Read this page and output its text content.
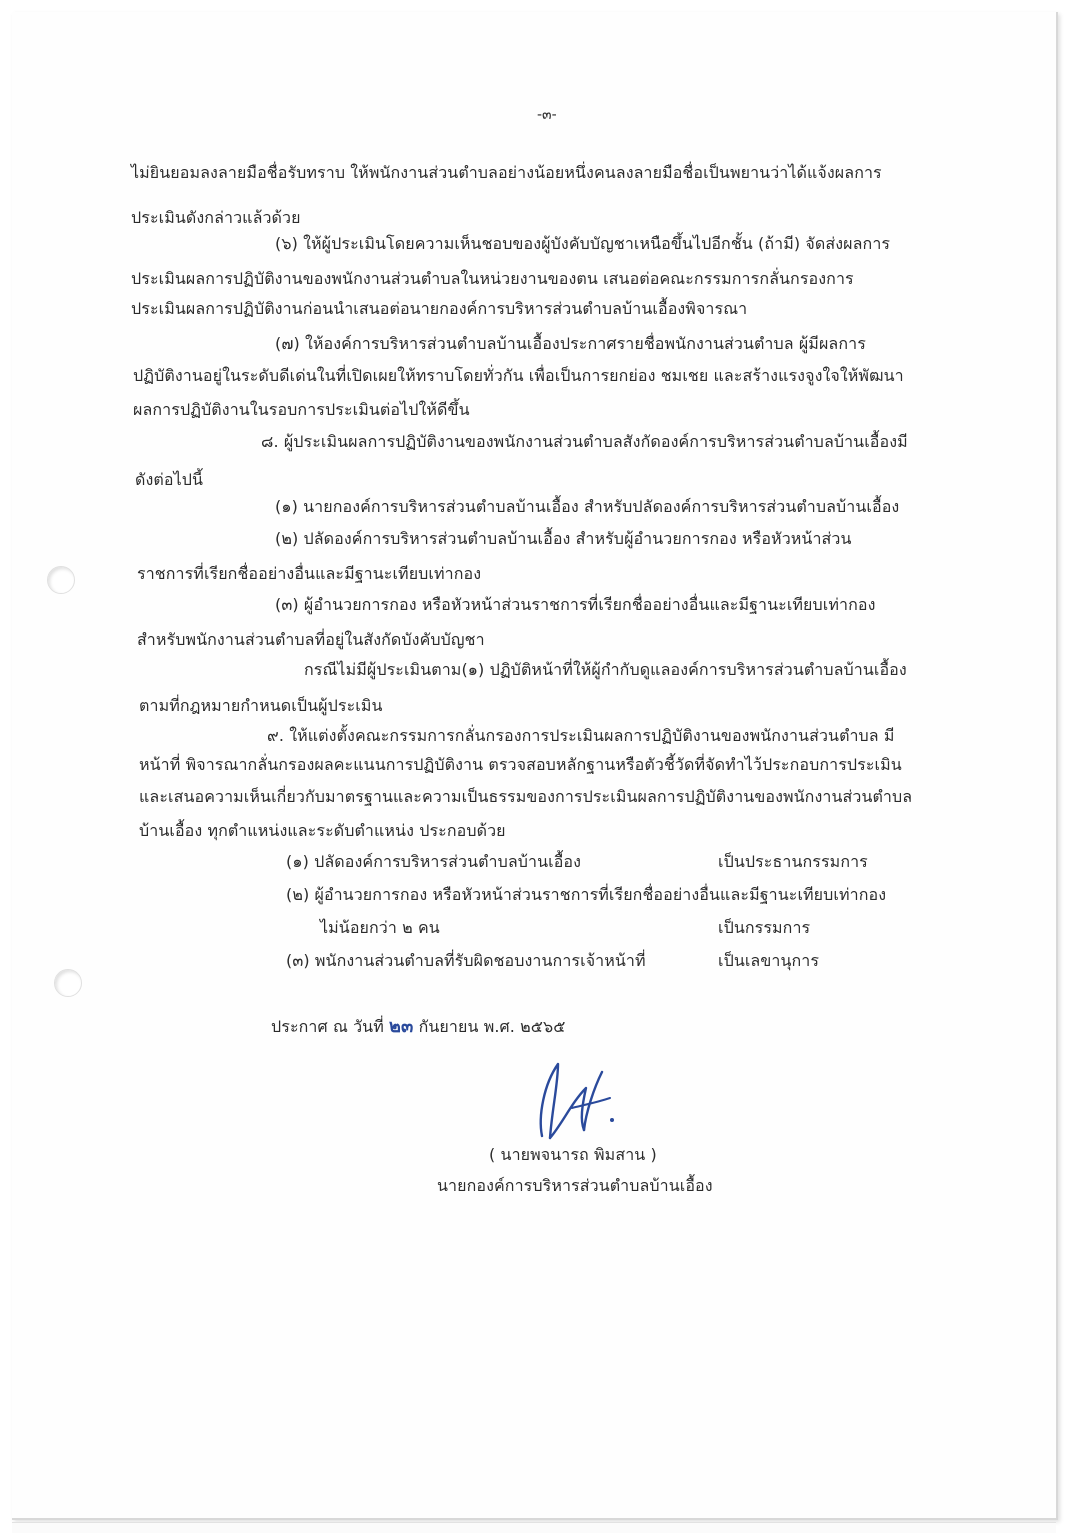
-๓-
ไม่ยินยอมลงลายมือชื่อรับทราบ ให้พนักงานส่วนตำบลอย่างน้อยหนึ่งคนลงลายมือชื่อเป็นพยานว่าได้แจ้งผลการ
ประเมินดังกล่าวแล้วด้วย
(๖) ให้ผู้ประเมินโดยความเห็นชอบของผู้บังคับบัญชาเหนือขึ้นไปอีกชั้น (ถ้ามี) จัดส่งผลการ
ประเมินผลการปฏิบัติงานของพนักงานส่วนตำบลในหน่วยงานของตน เสนอต่อคณะกรรมการกลั่นกรองการ
ประเมินผลการปฏิบัติงานก่อนนำเสนอต่อนายกองค์การบริหารส่วนตำบลบ้านเอื้องพิจารณา
(๗) ให้องค์การบริหารส่วนตำบลบ้านเอื้องประกาศรายชื่อพนักงานส่วนตำบล ผู้มีผลการ
ปฏิบัติงานอยู่ในระดับดีเด่นในที่เปิดเผยให้ทราบโดยทั่วกัน เพื่อเป็นการยกย่อง ชมเชย และสร้างแรงจูงใจให้พัฒนา
ผลการปฏิบัติงานในรอบการประเมินต่อไปให้ดีขึ้น
๘. ผู้ประเมินผลการปฏิบัติงานของพนักงานส่วนตำบลสังกัดองค์การบริหารส่วนตำบลบ้านเอื้องมี
ดังต่อไปนี้
(๑) นายกองค์การบริหารส่วนตำบลบ้านเอื้อง สำหรับปลัดองค์การบริหารส่วนตำบลบ้านเอื้อง
(๒) ปลัดองค์การบริหารส่วนตำบลบ้านเอื้อง สำหรับผู้อำนวยการกอง หรือหัวหน้าส่วน
ราชการที่เรียกชื่ออย่างอื่นและมีฐานะเทียบเท่ากอง
(๓) ผู้อำนวยการกอง หรือหัวหน้าส่วนราชการที่เรียกชื่ออย่างอื่นและมีฐานะเทียบเท่ากอง
สำหรับพนักงานส่วนตำบลที่อยู่ในสังกัดบังคับบัญชา
กรณีไม่มีผู้ประเมินตาม(๑) ปฏิบัติหน้าที่ให้ผู้กำกับดูแลองค์การบริหารส่วนตำบลบ้านเอื้อง
ตามที่กฎหมายกำหนดเป็นผู้ประเมิน
๙. ให้แต่งตั้งคณะกรรมการกลั่นกรองการประเมินผลการปฏิบัติงานของพนักงานส่วนตำบล มี
หน้าที่ พิจารณากลั่นกรองผลคะแนนการปฏิบัติงาน ตรวจสอบหลักฐานหรือตัวชี้วัดที่จัดทำไว้ประกอบการประเมิน
และเสนอความเห็นเกี่ยวกับมาตรฐานและความเป็นธรรมของการประเมินผลการปฏิบัติงานของพนักงานส่วนตำบล
บ้านเอื้อง ทุกตำแหน่งและระดับตำแหน่ง ประกอบด้วย
(๑) ปลัดองค์การบริหารส่วนตำบลบ้านเอื้อง	เป็นประธานกรรมการ
(๒) ผู้อำนวยการกอง หรือหัวหน้าส่วนราชการที่เรียกชื่ออย่างอื่นและมีฐานะเทียบเท่ากอง
ไม่น้อยกว่า ๒ คน	เป็นกรรมการ
(๓) พนักงานส่วนตำบลที่รับผิดชอบงานการเจ้าหน้าที่	เป็นเลขานุการ
ประกาศ ณ วันที่ ๒๓ กันยายน พ.ศ. ๒๕๖๕
( นายพจนารถ พิมสาน )
นายกองค์การบริหารส่วนตำบลบ้านเอื้อง
